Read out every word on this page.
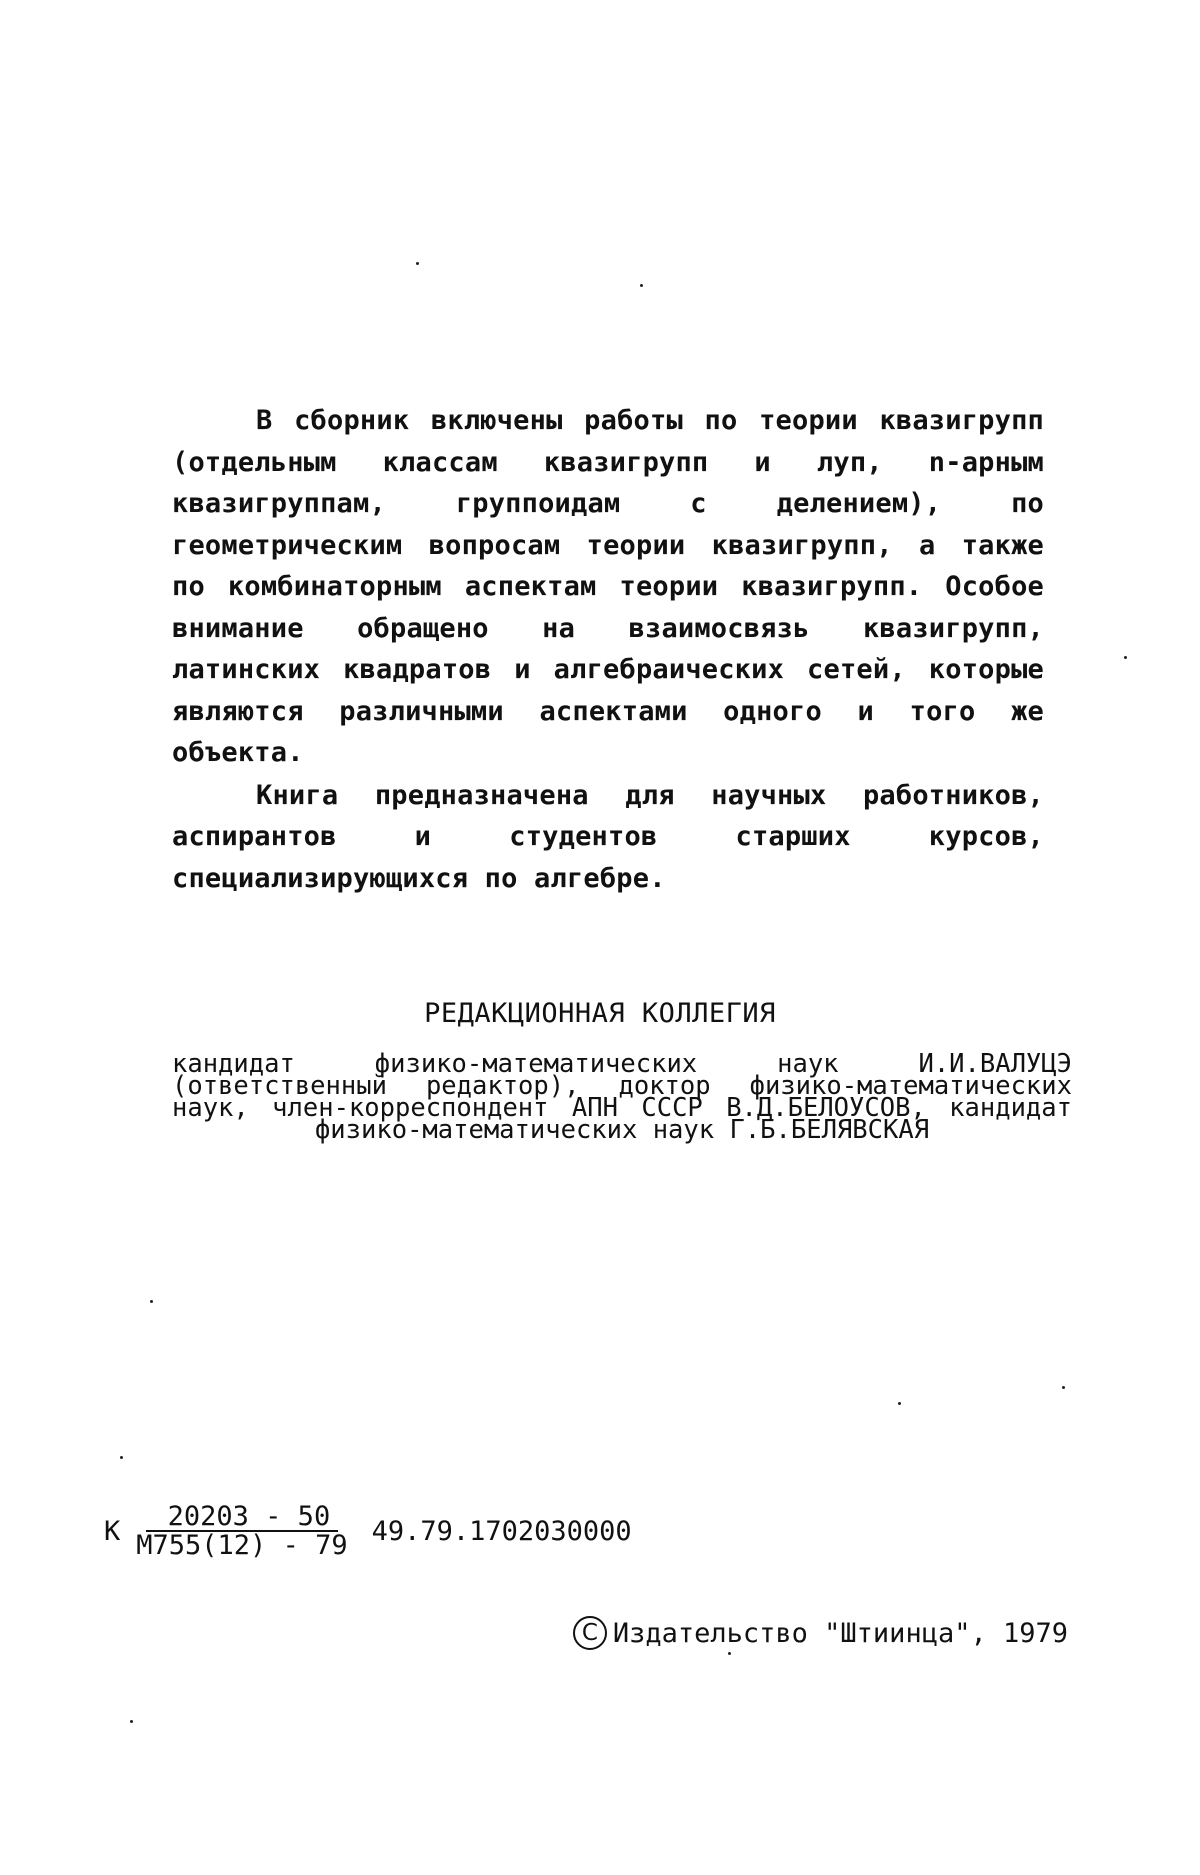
В сборник включены работы по теории квазигрупп (отдельным классам квазигрупп и луп, n-арным квазигруппам, группоидам с делением), по геометрическим вопросам теории квазигрупп, а также по комбинаторным аспектам теории квазигрупп. Особое внимание обращено на взаимосвязь квазигрупп, латинских квадратов и алгебраических сетей, которые являются различными аспектами одного и того же объекта.

Книга предназначена для научных работников, аспирантов и студентов старших курсов, специализирующихся по алгебре.

РЕДАКЦИОННАЯ КОЛЛЕГИЯ
кандидат физико-математических наук И.И.ВАЛУЦЭ (ответственный редактор), доктор физико-математических наук, член-корреспондент АПН СССР В.Д.БЕЛОУСОВ, кандидат физико-математических наук Г.Б.БЕЛЯВСКАЯ
К $\frac{20203 - 50}{М755(12) - 79} 49.79.1702030000$
С Издательство "Штиинца", 1979
